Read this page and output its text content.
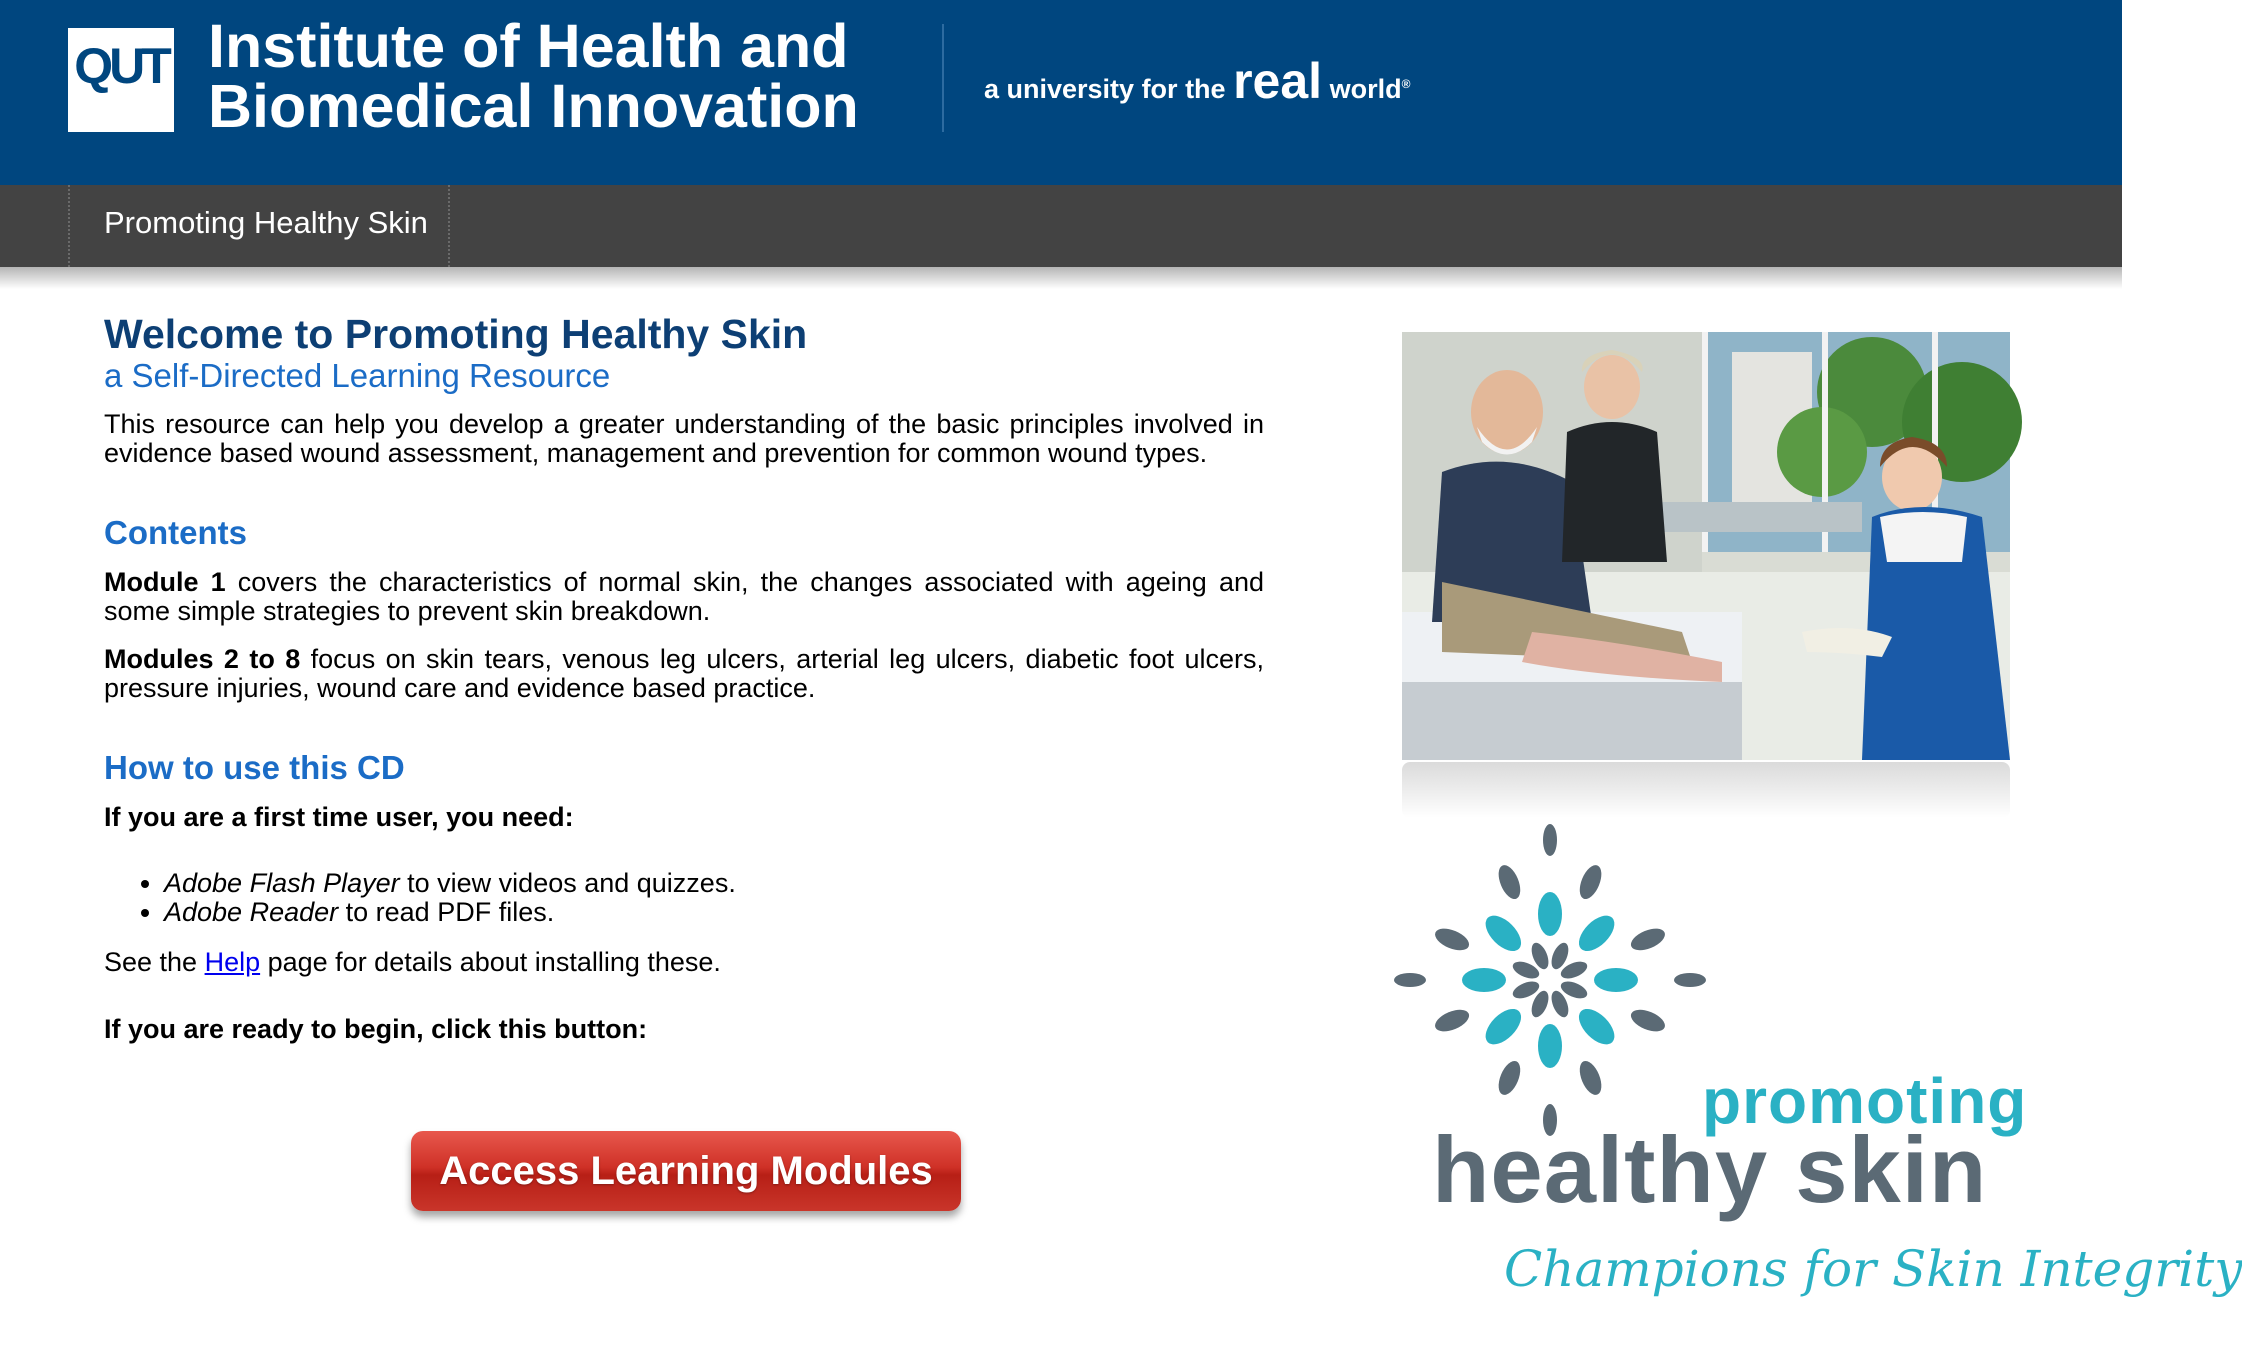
QUT Institute of Health and
Biomedical Innovation	a university for the real world®
Promoting Healthy Skin
Welcome to Promoting Healthy Skin

a Self-Directed Learning Resource

This resource can help you develop a greater understanding of the basic principles involved in evidence based wound assessment, management and prevention for common wound types.

Contents

Module 1 covers the characteristics of normal skin, the changes associated with ageing and some simple strategies to prevent skin breakdown.

Modules 2 to 8 focus on skin tears, venous leg ulcers, arterial leg ulcers, diabetic foot ulcers, pressure injuries, wound care and evidence based practice.

How to use this CD

If you are a first time user, you need:

• Adobe Flash Player to view videos and quizzes.
• Adobe Reader to read PDF files.

See the Help page for details about installing these.

If you are ready to begin, click this button:

Access Learning Modules
promoting
healthy skin
Champions for Skin Integrity
